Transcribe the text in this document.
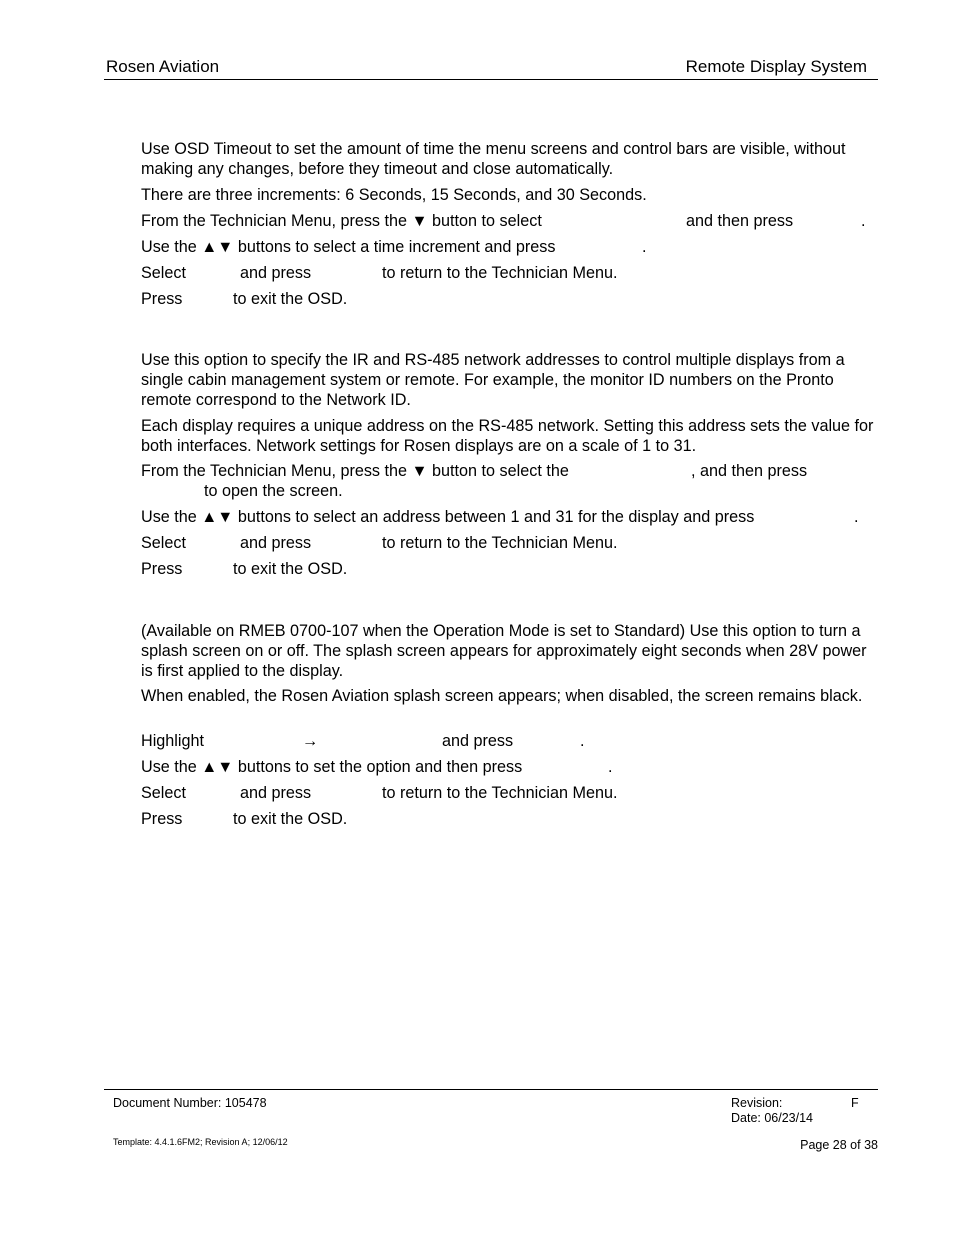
Rosen Aviation	Remote Display System
Use OSD Timeout to set the amount of time the menu screens and control bars are visible, without making any changes, before they timeout and close automatically.
There are three increments: 6 Seconds, 15 Seconds, and 30 Seconds.
From the Technician Menu, press the ▼ button to select	and then press	.
Use the ▲▼ buttons to select a time increment and press	.
Select	and press	to return to the Technician Menu.
Press	to exit the OSD.
Use this option to specify the IR and RS-485 network addresses to control multiple displays from a single cabin management system or remote. For example, the monitor ID numbers on the Pronto remote correspond to the Network ID.
Each display requires a unique address on the RS-485 network. Setting this address sets the value for both interfaces. Network settings for Rosen displays are on a scale of 1 to 31.
From the Technician Menu, press the ▼ button to select the	, and then press
to open the screen.
Use the ▲▼ buttons to select an address between 1 and 31 for the display and press	.
Select	and press	to return to the Technician Menu.
Press	to exit the OSD.
(Available on RMEB 0700-107 when the Operation Mode is set to Standard) Use this option to turn a splash screen on or off. The splash screen appears for approximately eight seconds when 28V power is first applied to the display.
When enabled, the Rosen Aviation splash screen appears; when disabled, the screen remains black.
Highlight	→	and press	.
Use the ▲▼ buttons to set the option and then press	.
Select	and press	to return to the Technician Menu.
Press	to exit the OSD.
Document Number: 105478	Revision:	F
Date: 06/23/14
Template: 4.4.1.6FM2; Revision A; 12/06/12	Page 28 of 38
